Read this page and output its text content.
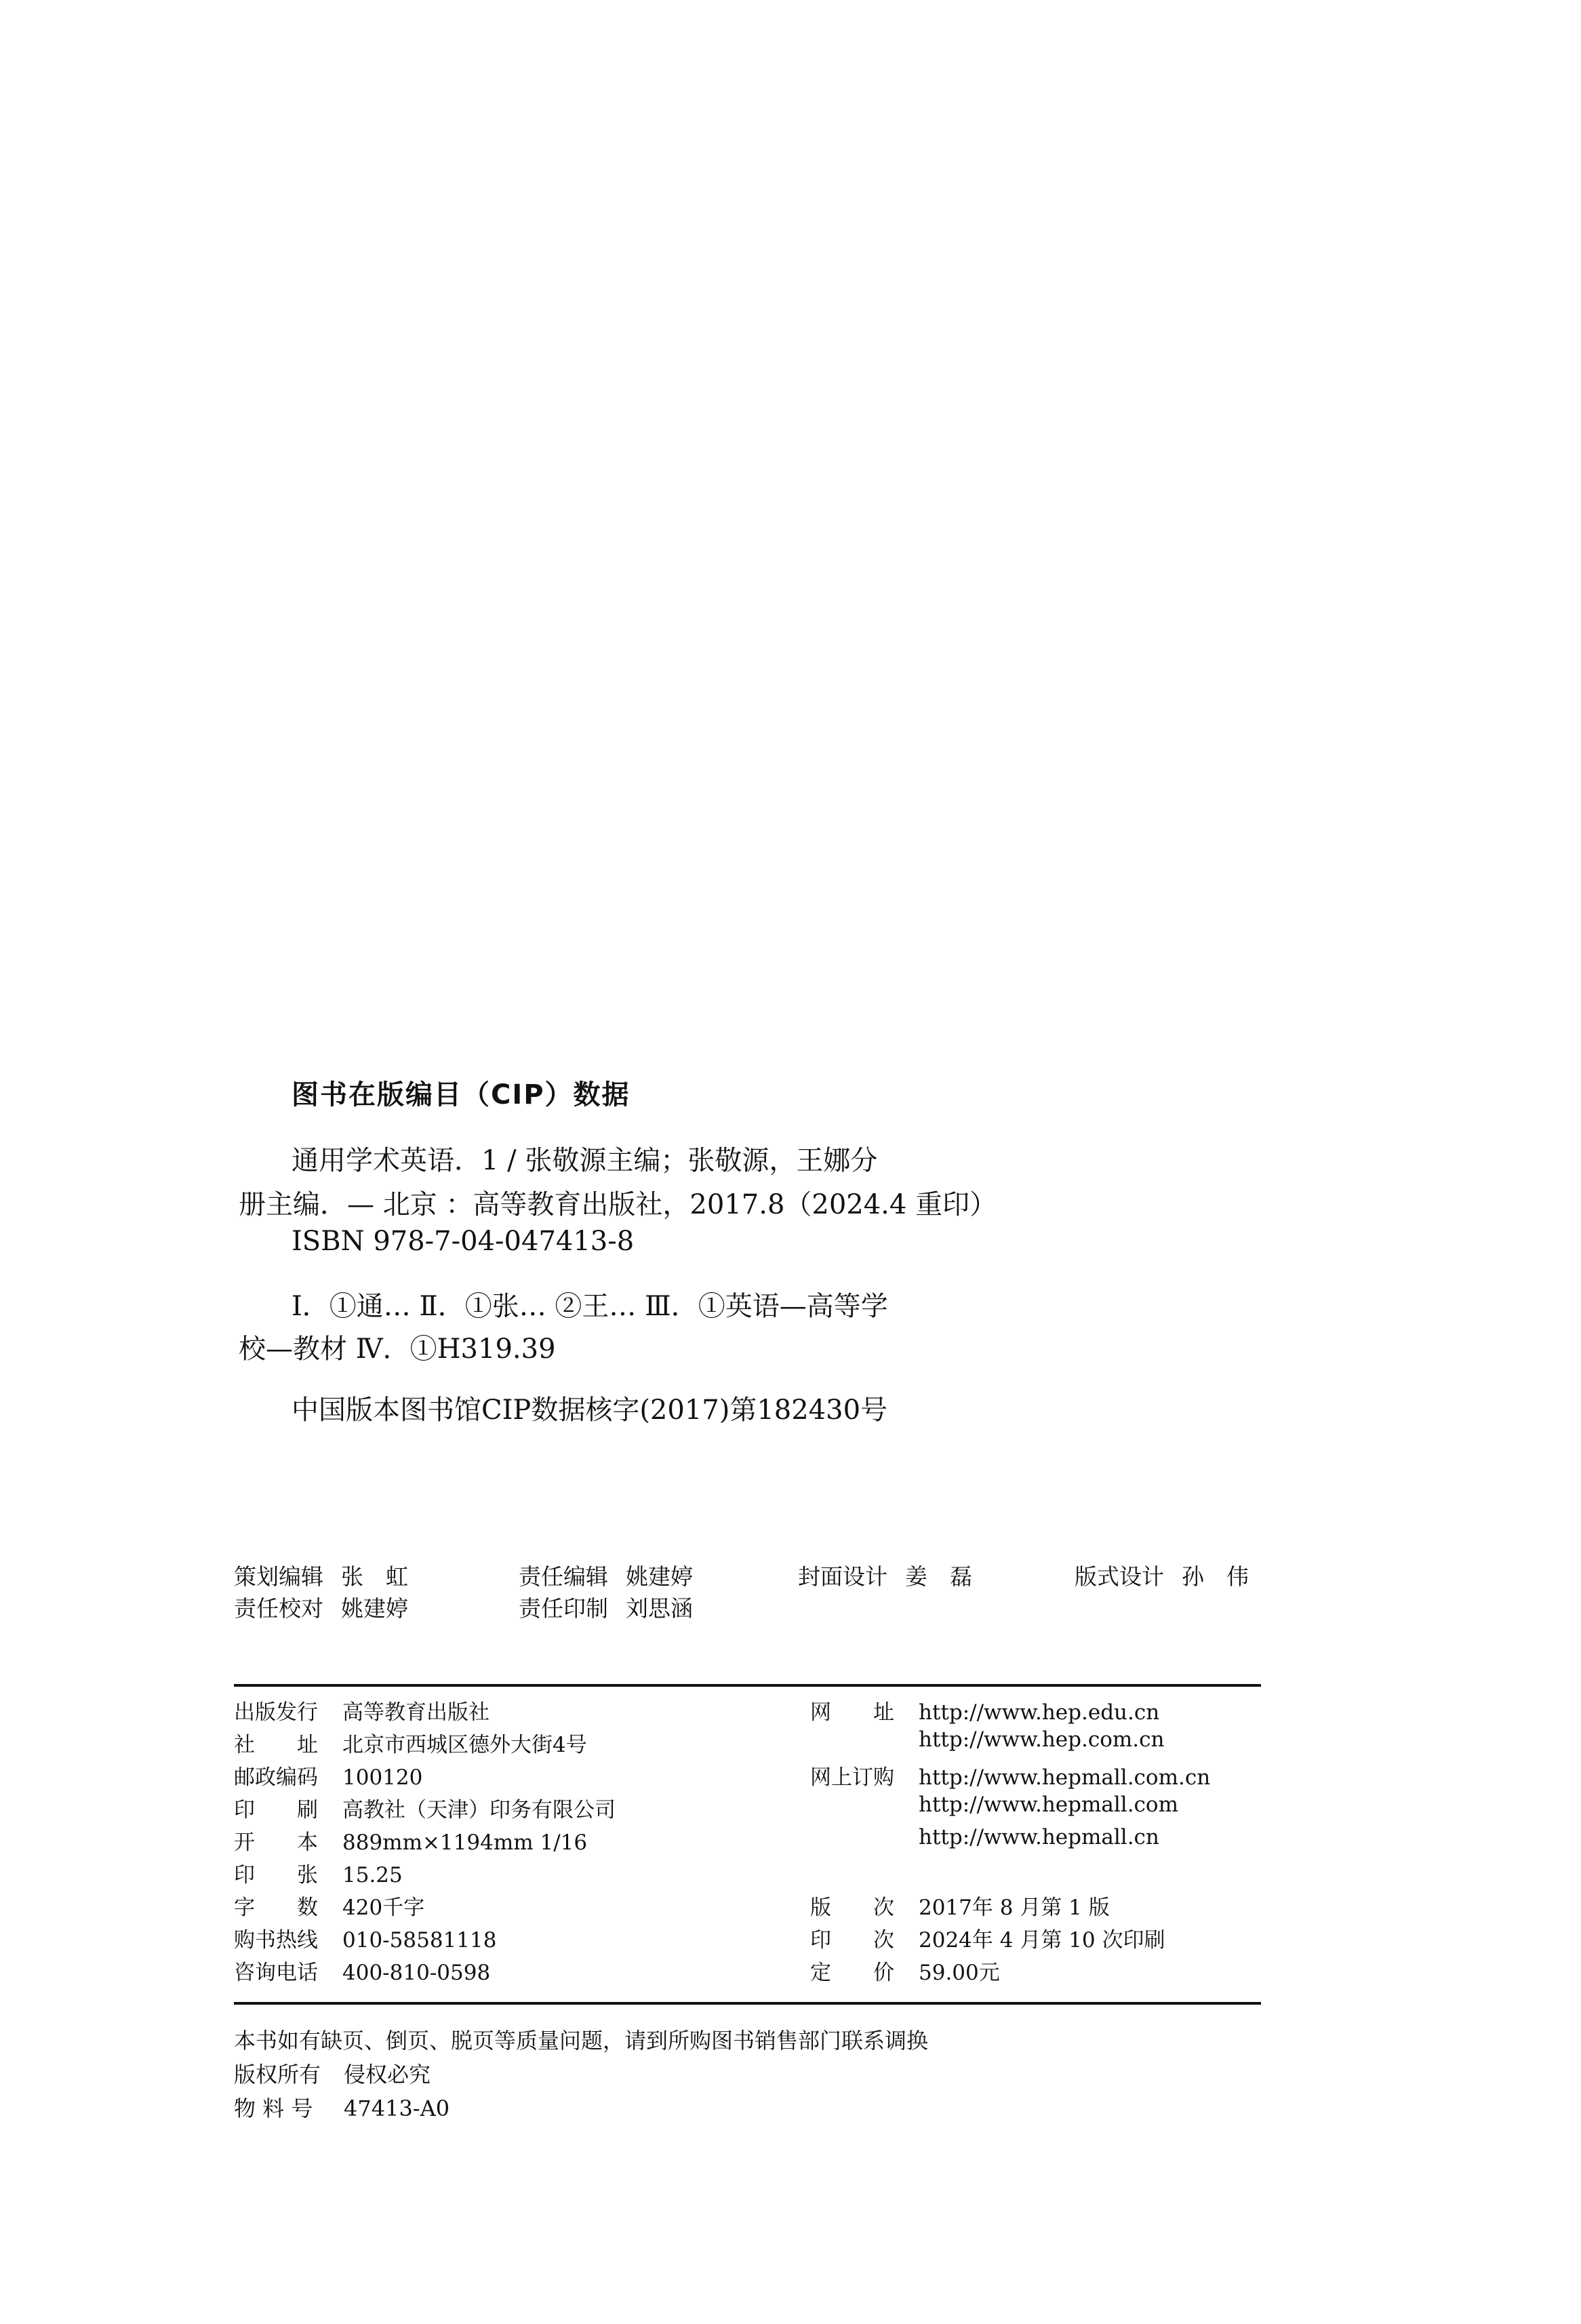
图书在版编目（CIP）数据
通用学术英语．1 / 张敬源主编；张敬源，王娜分
册主编．— 北京 ：高等教育出版社，2017.8（2024.4 重印）
ISBN 978-7-04-047413-8
Ⅰ．①通… Ⅱ．①张… ②王… Ⅲ．①英语—高等学
校—教材 Ⅳ．①H319.39
中国版本图书馆CIP数据核字(2017)第182430号
策划编辑 张　虹	责任编辑 姚建婷	封面设计 姜　磊	版式设计 孙　伟
责任校对 姚建婷	责任印制 刘思涵
出版发行 高等教育出版社
社　　址 北京市西城区德外大街4号
邮政编码 100120
印　　刷 高教社（天津）印务有限公司
开　　本 889mm×1194mm 1/16
印　　张 15.25
字　　数 420千字
购书热线 010-58581118
咨询电话 400-810-0598
网　　址 http://www.hep.edu.cn
http://www.hep.com.cn
网上订购 http://www.hepmall.com.cn
http://www.hepmall.com
http://www.hepmall.cn
版　　次 2017年 8 月第 1 版
印　　次 2024年 4 月第 10 次印刷
定　　价 59.00元
本书如有缺页、倒页、脱页等质量问题，请到所购图书销售部门联系调换
版权所有 侵权必究
物 料 号 47413-A0
